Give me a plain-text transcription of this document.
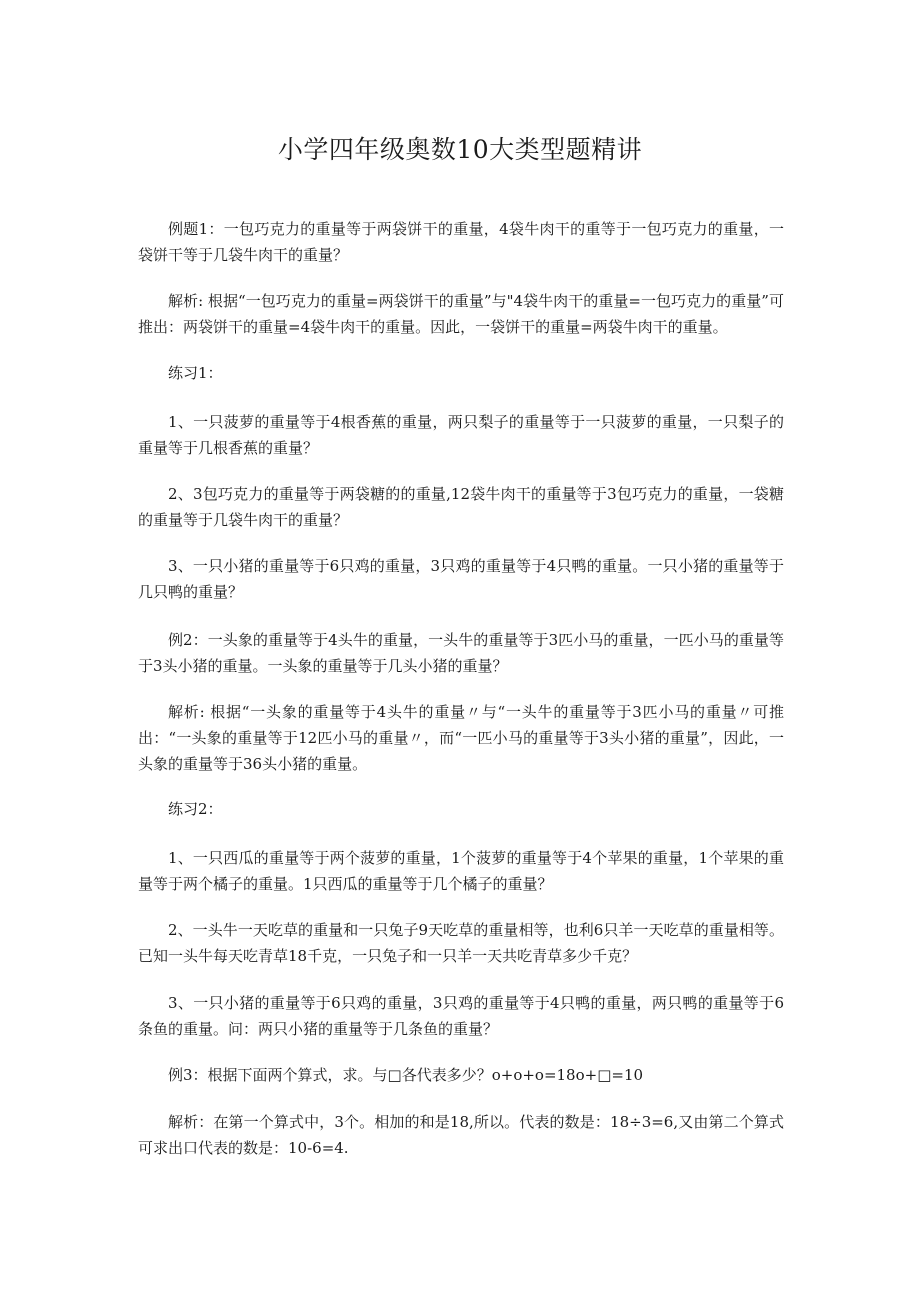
小学四年级奥数10大类型题精讲

例题1：一包巧克力的重量等于两袋饼干的重量，4袋牛肉干的重等于一包巧克力的重量，一袋饼干等于几袋牛肉干的重量？

解析: 根据“一包巧克力的重量=两袋饼干的重量”与"4袋牛肉干的重量=一包巧克力的重量”可推出：两袋饼干的重量=4袋牛肉干的重量。因此，一袋饼干的重量=两袋牛肉干的重量。

练习1：

1、一只菠萝的重量等于4根香蕉的重量，两只梨子的重量等于一只菠萝的重量，一只梨子的重量等于几根香蕉的重量？

2、3包巧克力的重量等于两袋糖的的重量,12袋牛肉干的重量等于3包巧克力的重量，一袋糖的重量等于几袋牛肉干的重量？

3、一只小猪的重量等于6只鸡的重量，3只鸡的重量等于4只鸭的重量。一只小猪的重量等于几只鸭的重量？

例2：一头象的重量等于4头牛的重量，一头牛的重量等于3匹小马的重量，一匹小马的重量等于3头小猪的重量。一头象的重量等于几头小猪的重量？

解析: 根据“一头象的重量等于4头牛的重量〃与“一头牛的重量等于3匹小马的重量〃可推出：“一头象的重量等于12匹小马的重量〃，而“一匹小马的重量等于3头小猪的重量”，因此，一头象的重量等于36头小猪的重量。

练习2：

1、一只西瓜的重量等于两个菠萝的重量，1个菠萝的重量等于4个苹果的重量，1个苹果的重量等于两个橘子的重量。1只西瓜的重量等于几个橘子的重量？

2、一头牛一天吃草的重量和一只兔子9天吃草的重量相等，也利6只羊一天吃草的重量相等。已知一头牛每天吃青草18千克，一只兔子和一只羊一天共吃青草多少千克？

3、一只小猪的重量等于6只鸡的重量，3只鸡的重量等于4只鸭的重量，两只鸭的重量等于6条鱼的重量。问：两只小猪的重量等于几条鱼的重量？

例3：根据下面两个算式，求。与□各代表多少？o+o+o=18o+□=10

解析：在第一个算式中，3个。相加的和是18,所以。代表的数是：18÷3=6,又由第二个算式可求出口代表的数是：10-6=4.
